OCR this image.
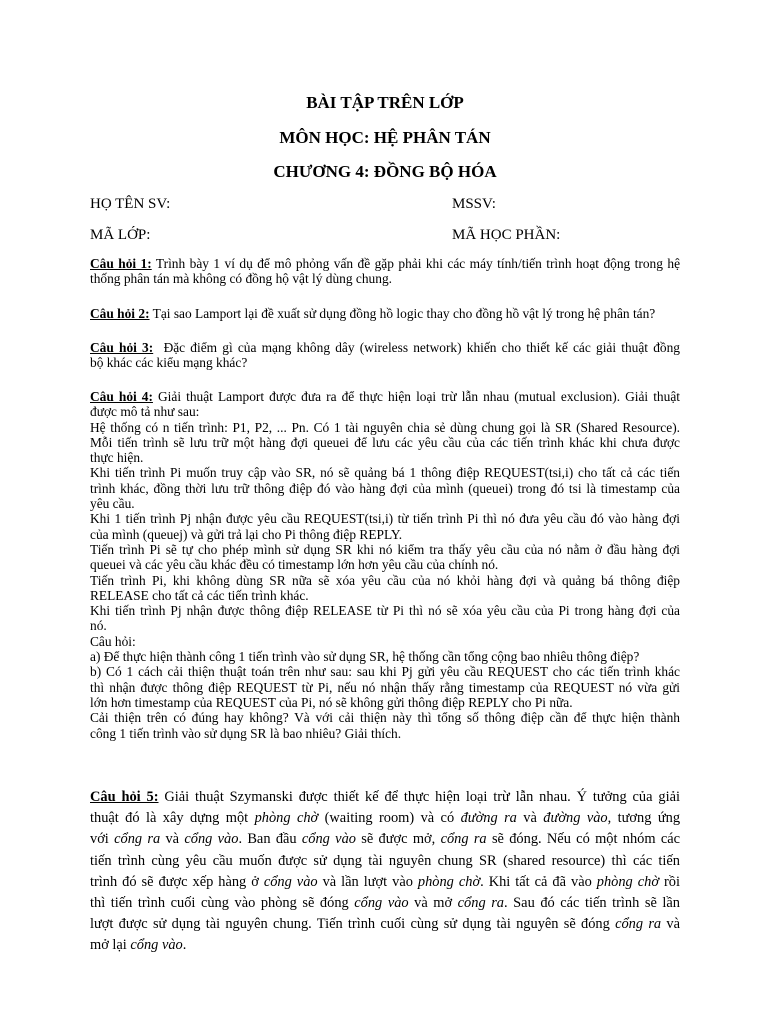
BÀI TẬP TRÊN LỚP
MÔN HỌC: HỆ PHÂN TÁN
CHƯƠNG 4: ĐỒNG BỘ HÓA
HỌ TÊN SV:	MSSV:
MÃ LỚP:	MÃ HỌC PHẦN:
Câu hỏi 1: Trình bày 1 ví dụ để mô phỏng vấn đề gặp phải khi các máy tính/tiến trình hoạt động trong hệ
thống phân tán mà không có đồng hộ vật lý dùng chung.
Câu hỏi 2: Tại sao Lamport lại đề xuất sử dụng đồng hồ logic thay cho đồng hồ vật lý trong hệ phân tán?
Câu hỏi 3: Đặc điểm gì của mạng không dây (wireless network) khiến cho thiết kế các giải thuật đồng
bộ khác các kiểu mạng khác?
Câu hỏi 4: Giải thuật Lamport được đưa ra để thực hiện loại trừ lẫn nhau (mutual exclusion). Giải thuật
được mô tả như sau:
Hệ thống có n tiến trình: P1, P2, ... Pn. Có 1 tài nguyên chia sẻ dùng chung gọi là SR (Shared Resource).
Mỗi tiến trình sẽ lưu trữ một hàng đợi queuei để lưu các yêu cầu của các tiến trình khác khi chưa được
thực hiện.
Khi tiến trình Pi muốn truy cập vào SR, nó sẽ quảng bá 1 thông điệp REQUEST(tsi,i) cho tất cả các tiến
trình khác, đồng thời lưu trữ thông điệp đó vào hàng đợi của mình (queuei) trong đó tsi là timestamp của
yêu cầu.
Khi 1 tiến trình Pj nhận được yêu cầu REQUEST(tsi,i) từ tiến trình Pi thì nó đưa yêu cầu đó vào hàng đợi
của mình (queuej) và gửi trả lại cho Pi thông điệp REPLY.
Tiến trình Pi sẽ tự cho phép mình sử dụng SR khi nó kiểm tra thấy yêu cầu của nó nằm ở đầu hàng đợi
queuei và các yêu cầu khác đều có timestamp lớn hơn yêu cầu của chính nó.
Tiến trình Pi, khi không dùng SR nữa sẽ xóa yêu cầu của nó khỏi hàng đợi và quảng bá thông điệp
RELEASE cho tất cả các tiến trình khác.
Khi tiến trình Pj nhận được thông điệp RELEASE từ Pi thì nó sẽ xóa yêu cầu của Pi trong hàng đợi của
nó.
Câu hỏi:
a) Để thực hiện thành công 1 tiến trình vào sử dụng SR, hệ thống cần tổng cộng bao nhiêu thông điệp?
b) Có 1 cách cải thiện thuật toán trên như sau: sau khi Pj gửi yêu cầu REQUEST cho các tiến trình khác
thì nhận được thông điệp REQUEST từ Pi, nếu nó nhận thấy rằng timestamp của REQUEST nó vừa gửi
lớn hơn timestamp của REQUEST của Pi, nó sẽ không gửi thông điệp REPLY cho Pi nữa.
Cải thiện trên có đúng hay không? Và với cải thiện này thì tổng số thông điệp cần để thực hiện thành
công 1 tiến trình vào sử dụng SR là bao nhiêu? Giải thích.
Câu hỏi 5: Giải thuật Szymanski được thiết kế để thực hiện loại trừ lẫn nhau. Ý tưởng của giải
thuật đó là xây dựng một phòng chờ (waiting room) và có đường ra và đường vào, tương ứng
với cổng ra và cổng vào. Ban đầu cổng vào sẽ được mở, cổng ra sẽ đóng. Nếu có một nhóm các
tiến trình cùng yêu cầu muốn được sử dụng tài nguyên chung SR (shared resource) thì các tiến
trình đó sẽ được xếp hàng ở cổng vào và lần lượt vào phòng chờ. Khi tất cả đã vào phòng chờ rồi
thì tiến trình cuối cùng vào phòng sẽ đóng cổng vào và mở cổng ra. Sau đó các tiến trình sẽ lần
lượt được sử dụng tài nguyên chung. Tiến trình cuối cùng sử dụng tài nguyên sẽ đóng cổng ra và
mở lại cổng vào.
